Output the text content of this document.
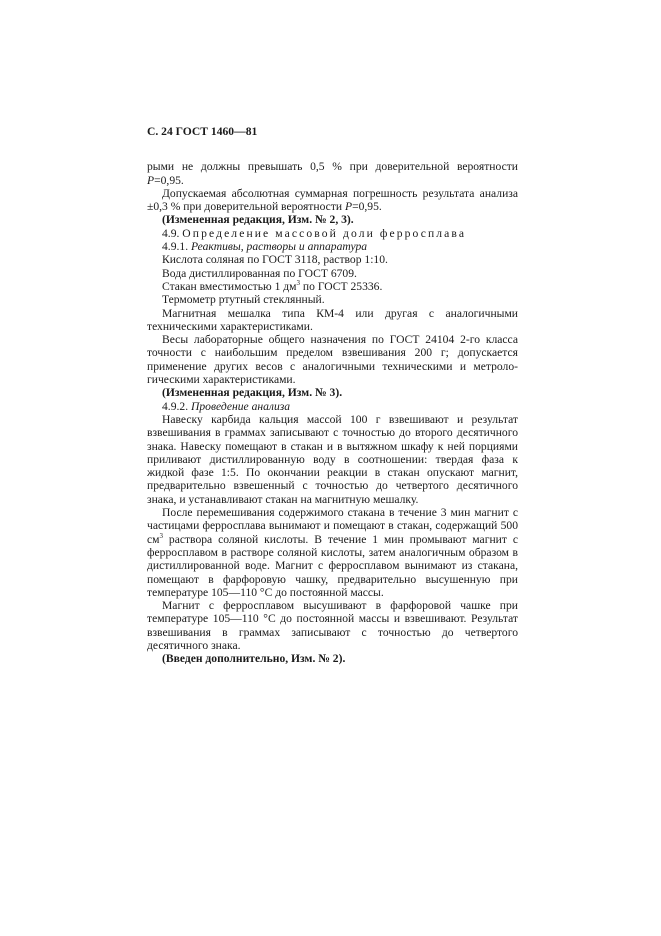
С. 24 ГОСТ 1460—81

рыми не должны превышать 0,5 % при доверительной вероятности P=0,95.

Допускаемая абсолютная суммарная погрешность результата анализа ±0,3 % при доверительной вероятности P=0,95.

(Измененная редакция, Изм. № 2, 3).

4.9. Определение массовой доли ферросплава

4.9.1. Реактивы, растворы и аппаратура

Кислота соляная по ГОСТ 3118, раствор 1:10.

Вода дистиллированная по ГОСТ 6709.

Стакан вместимостью 1 $дм^3$ по ГОСТ 25336.

Термометр ртутный стеклянный.

Магнитная мешалка типа КМ-4 или другая с аналогичными техническими характеристиками.

Весы лабораторные общего назначения по ГОСТ 24104 2-го класса точности с наибольшим пределом взвешивания 200 г; допускается применение других весов с аналогичными техническими и метрологическими характеристиками.

(Измененная редакция, Изм. № 3).

4.9.2. Проведение анализа

Навеску карбида кальция массой 100 г взвешивают и результат взвешивания в граммах записывают с точностью до второго десятичного знака. Навеску помещают в стакан и в вытяжном шкафу к ней порциями приливают дистиллированную воду в соотношении: твердая фаза к жидкой фазе 1:5. По окончании реакции в стакан опускают магнит, предварительно взвешенный с точностью до четвертого десятичного знака, и устанавливают стакан на магнитную мешалку.

После перемешивания содержимого стакана в течение 3 мин магнит с частицами ферросплава вынимают и помещают в стакан, содержащий 500 $см^3$ раствора соляной кислоты. В течение 1 мин промывают магнит с ферросплавом в растворе соляной кислоты, затем аналогичным образом в дистиллированной воде. Магнит с ферросплавом вынимают из стакана, помещают в фарфоровую чашку, предварительно высушенную при температуре 105—110 °С до постоянной массы.

Магнит с ферросплавом высушивают в фарфоровой чашке при температуре 105—110 °С до постоянной массы и взвешивают. Результат взвешивания в граммах записывают с точностью до четвертого десятичного знака.

(Введен дополнительно, Изм. № 2).
